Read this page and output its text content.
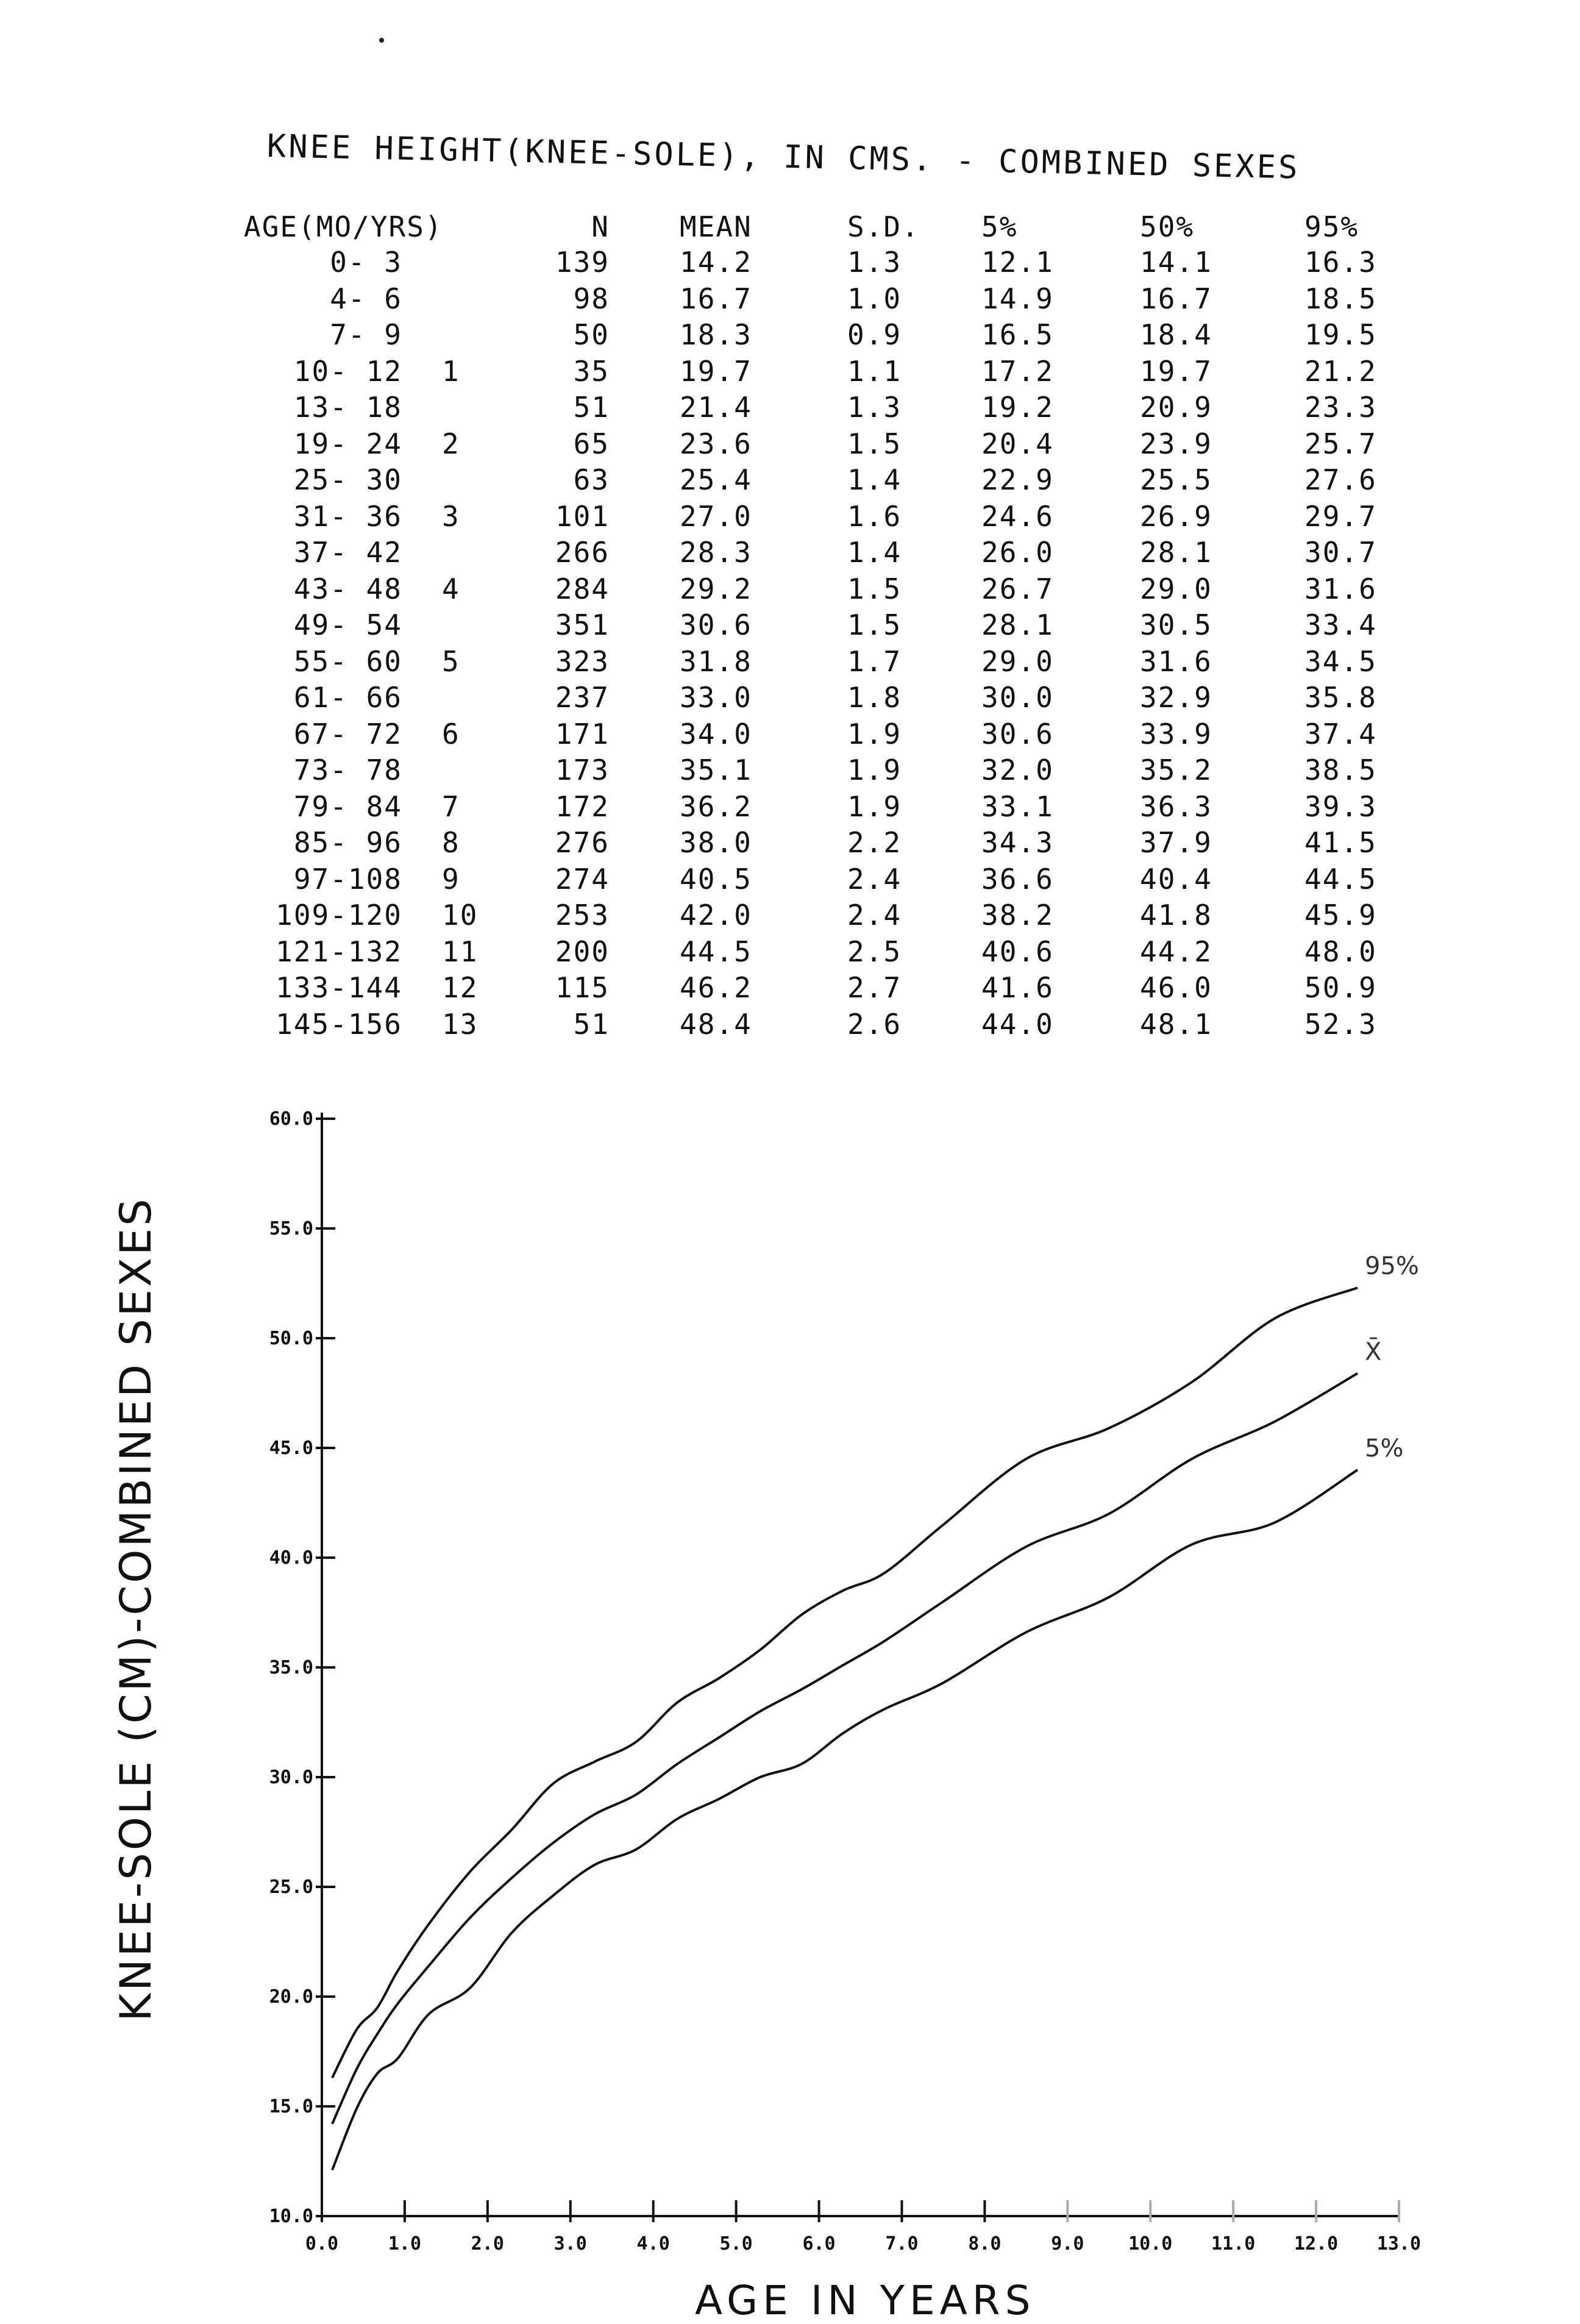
KNEE HEIGHT(KNEE-SOLE), IN CMS. - COMBINED SEXES
AGE(MO/YRS)	N	MEAN	S.D.	5%	50%	95%
0- 3	139	14.2	1.3	12.1	14.1	16.3
4- 6	98	16.7	1.0	14.9	16.7	18.5
7- 9	50	18.3	0.9	16.5	18.4	19.5
10- 12 1	35	19.7	1.1	17.2	19.7	21.2
13- 18	51	21.4	1.3	19.2	20.9	23.3
19- 24 2	65	23.6	1.5	20.4	23.9	25.7
25- 30	63	25.4	1.4	22.9	25.5	27.6
31- 36 3	101	27.0	1.6	24.6	26.9	29.7
37- 42	266	28.3	1.4	26.0	28.1	30.7
43- 48 4	284	29.2	1.5	26.7	29.0	31.6
49- 54	351	30.6	1.5	28.1	30.5	33.4
55- 60 5	323	31.8	1.7	29.0	31.6	34.5
61- 66	237	33.0	1.8	30.0	32.9	35.8
67- 72 6	171	34.0	1.9	30.6	33.9	37.4
73- 78	173	35.1	1.9	32.0	35.2	38.5
79- 84 7	172	36.2	1.9	33.1	36.3	39.3
85- 96 8	276	38.0	2.2	34.3	37.9	41.5
97-108 9	274	40.5	2.4	36.6	40.4	44.5
109-120 10	253	42.0	2.4	38.2	41.8	45.9
121-132 11	200	44.5	2.5	40.6	44.2	48.0
133-144 12	115	46.2	2.7	41.6	46.0	50.9
145-156 13	51	48.4	2.6	44.0	48.1	52.3
10.0
15.0
20.0
25.0
30.0
35.0
40.0
45.0
50.0
55.0
60.0
0.0	1.0	2.0	3.0	4.0	5.0	6.0	7.0	8.0	9.0 10.0 11.0 12.0 13.0
95%
X̄
5%
KNEE-SOLE (CM)-COMBINED SEXES
AGE IN YEARS
